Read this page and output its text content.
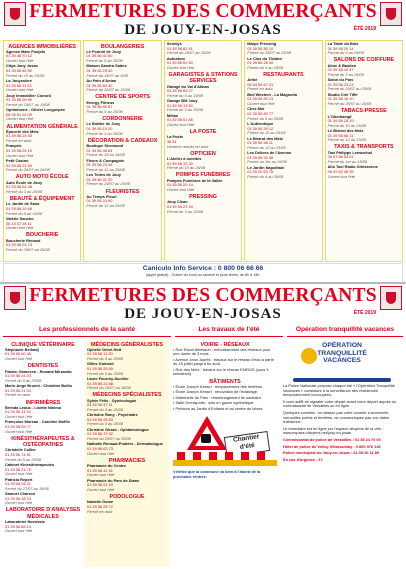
FERMETURES DES COMMERÇANTS
DE JOUY-EN-JOSAS	ÉTÉ 2019
AGENCES IMMOBILIÈRES
Agence Marc Foujols
01 39 46 70 12
Ouvert tout l'été
Citya Jouy Josas
01 39 56 45 50
Fermé du 10 au 25/08
La Jouyssière
01 39 56 11 22
Ouvert tout l'été
Jouy Immobilier Conseil
01 39 56 09 99
Fermé du 19/07 au 19/08
Optimhome - Olivier Longuépée
06 95 51 24 05
Ouvert tout l'été
ALIMENTATION GÉNÉRALE
Épicerie des Metz
01 39 56 24 05
Fermé en août
Franprix
01 39 56 25 19
Ouvert tout l'été
Petit Casino
01 39 56 21 50
Fermé du 29/07 au 26/08
AUTO MOTO ÉCOLE
Auto École de Jouy
01 39 56 54 48
Fermé du 3 au 26/08
BEAUTÉ & ÉQUIPEMENT
Le Jardin de Sana
01 39 56 10 68
Fermé du 5 au 24/08
Valérie Sancho
06 14 57 94 11
Ouvert tout l'été
BOUCHERIE
Boucherie Renaud
01 39 56 24 73
Fermé du 29/07 au 25/08
BOULANGERIES
Le Fournil de Jouy
01 39 56 41 60
Fermé du 5 au 25/08
Maison Sandra Sabes
01 39 56 23 40
Fermé du 15/07 au 5/08
Au Pain d'Antan
01 39 56 84 30
Fermé du 26/07 au 26/08
CENTRE DE SPORTS
Energy Fitness
01 39 56 80 87
Fermé du 5 au 25/08
CORDONNERIE
Le Bottier de Jouy
01 39 56 10 20
Fermé du 3 au 26/08
DÉCORATION & CADEAUX
Boutique Sherwood
01 39 56 46 64
Fermé du 15 au 19/08
Fleurs & Compagnie
01 39 56 23 06
Fermé du 12 au 25/08
Les Toiles de Jouy
01 39 46 21 20
Fermé du 29/07 au 25/08
FLEURISTES
Au Temps Fleuri
01 39 56 24 90
Fermé du 12 au 25/08
Sennlys
01 39 56 60 41
Fermé du 29/07 au 25/08
Autostore
01 39 56 00 50
Ouvert tout l'été
GARAGISTES & STATIONS SERVICES
Garage du Val d'Albian
01 39 56 69 27
Fermé du 5 au 19/08
Garage BM Jouy
01 39 56 13 50
Fermé du 3 au 25/08
Métao
01 39 56 01 85
Ouvert tout l'été
LA POSTE
La Poste
36 31
Horaires réduits en août
OPTICIEN
L'Atelier à lunettes
01 39 56 10 30
Fermé du 10 au 26/08
POMPES FUNÈBRES
Pompes Funèbres de la Vallée
01 39 56 20 14
Ouvert tout l'été
PRESSING
Jouy Clean
01 39 56 23 34
Fermé du 3 au 26/08
Marpe Pressing
01 39 56 80 10
Fermé du 29/07 au 25/08
Le Clos du Théâtre
01 39 56 28 40
Fermé du 5 au 25/08
RESTAURANTS
Arthé
06 64 59 67 41
Fermé en août
Bed Western - La Magnolia
01 39 56 50 13
Ouvert tout l'été
Chez Moi
01 39 56 82 77
Fermé du 5 au 25/08
L'Authentique
01 39 56 39 12
Fermé du 10 au 25/08
Le Bistrot des Metz
01 39 56 68 11
Fermé du 12 au 23/08
Les Délices de l'Avenue
01 39 56 92 06
Fermé du 1er au 26/08
Le Jardin Napolitain
01 39 20 63 75
Fermé du 4 au 26/08
La Table du Bois
01 39 56 20 14
Fermé du 5 au 26/08
SALONS DE COIFFURE
Aline & Bastien
01 39 56 40 47
Fermé du 3 au 26/08
Salon du Parc
01 39 56 23 24
Fermé du 29/07 au 25/08
Studio Ciré Tiffe
01 39 56 16 10
Fermé du 26/07 au 26/08
TABACS-PRESSE
L'Oberkampf
01 39 56 28 19
Fermé du 10 au 26/08
Le Bistrot des Metz
01 39 56 68 11
Fermé du 12 au 23/08
TAXIS & TRANSPORTS
Taxi Philippe Lemarchal
06 07 66 53 01
Fermé du 1er au 15/08
Allo Taxi Radio Orbissenne
06 09 62 46 39
Ouvert tout l'été
Caniculo Info Service : 0 800 06 66 66
(appel gratuit) - Ouvert du lundi au samedi et jours fériés, de 8h à 19h.
FERMETURES DES COMMERÇANTS
DE JOUY-EN-JOSAS	ÉTÉ 2019
Les professionnels de la santé	Les travaux de l'été	Opération tranquillité vacances
CLINIQUE VÉTÉRINAIRE
Stéphanie Belhadj
01 39 56 60 45
Ouvert tout l'été
DENTISTES
Fabien Gamesen - Roxana Mirzanda
01 39 56 24 03
Fermé du 5 au 25/08
Marie-Ange Brunet - Christine Bullin
01 39 56 21 03
Fermé en août
INFIRMIÈRES
Brenda Leduc - Lisette Nimmo
01 39 56 11 24
Ouvert tout l'été
Françoise Moreau - Caroline Moffix
01 39 56 09 77
Ouvert tout l'été
KINÉSITHÉRAPEUTES & OSTÉOPATHES
Christelle Collier
01 39 56 74 81
Fermé du 5 au 25/08
Cabinet Kinésithérapeutes
01 39 56 21 75
Ouvert tout l'été
Patricia Repert
01 39 56 04 21
Fermé du 27/07 au 19/08
Samuel Charron
01 39 56 28 24
Ouvert tout l'été
LABORATOIRE D'ANALYSES MÉDICALES
Laboratoire Novessia
01 39 56 88 14
Ouvert tout l'été
MÉDECINS GÉNÉRALISTES
Ophélie Detré-Hett
01 39 56 11 20
Fermé du 5 au 25/08
Gilles Guinard
01 39 56 25 65
Fermé du 5 au 25/08
Laure Fourrey-Suchier
01 39 56 21 88
Fermé du 29/07 au 18/08
MÉDECINS SPÉCIALISTES
Sylvie Félix - Gynécologue
01 39 56 47 11
Fermé du 3 au 25/08
Christine Rony - Psychiatre
01 39 56 25 63
Fermé du 5 au 25/08
Christine Girard - Ophtalmologue
01 39 56 79 32
Fermé du 29/07 au 25/08
Nathalie Renaud-Pradère - Dermatologue
01 39 56 63 73
Ouvert tout l'été
PHARMACIES
Pharmacie du Centre
01 39 56 42 51
Ouvert tout l'été
Pharmacie du Parc de Diane
01 39 56 51 29
Ouvert tout l'été
PODOLOGUE
Isabelle Dome
01 39 56 26 72
Fermé en août
VOIRIE - RÉSEAUX
• Rue Raoul Albesson : enfouissement des réseaux pour une durée de 3 mois.
• Avenue Jean Jaurès : travaux sur le réseau d'eau à partir du 15 juillet jusqu'à fin août.
• Rue des Metz : travaux sur le réseau ENEDIS (sous 3 semaines).
BÂTIMENTS
• École Joseph Kessel : remplacement des fenêtres.
• École Joseph Kessel : rénovation de l'éclairage.
• Maternelle du Parc : réaménagement du sanitaire.
• Salle Omnisports : sols en gazon synthétique.
• Peinture au Jardin d'Enfants et au centre de loisirs.
Chantier d'été
Vérifiez que la commune va bien à l'abord de la prochaine rentrée.
OPÉRATION
TRANQUILLITÉ
VACANCES
La Police Nationale propose chaque été « l'Opération Tranquillité Vacances » consistant à la surveillance des résidences temporairement inoccupées.
Il vous suffit de signaler votre départ avant votre départ auprès du commissariat de Versailles ou en ligne.
Quelques conseils : ne laissez pas votre courrier s'accumuler, verrouillez portes et fenêtres, ne communiquez pas vos dates d'absence.
Le formulaire est en ligne sur l'espace citoyens de la ville : www.espace-citoyens.net/jouy-en-josas
Commissariat de police de Versailles : 01 39 24 70 00
Hôtel de police de Vélizy-Villacoublay : 0 800 076 146
Police municipale de Jouy-en-Josas : 01 39 20 11 89
En cas d'urgence : 17
